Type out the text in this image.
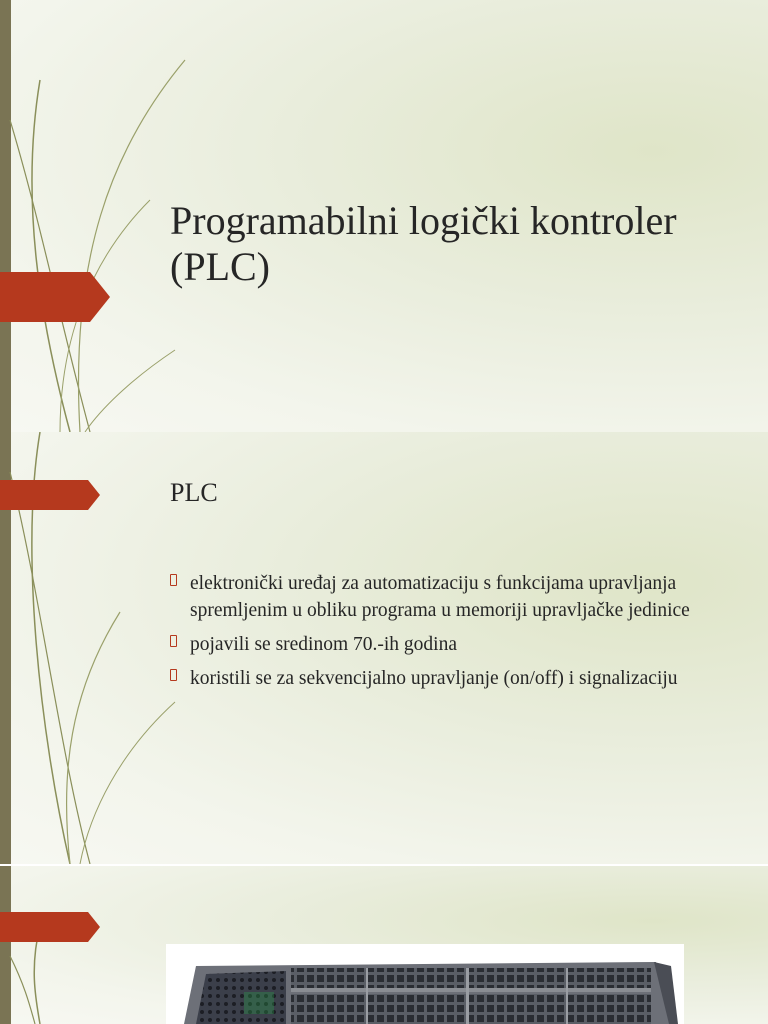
Programabilni logički kontroler (PLC)
PLC
elektronički uređaj za automatizaciju s funkcijama upravljanja spremljenim u obliku programa u memoriji upravljačke jedinice
pojavili se sredinom 70.-ih godina
koristili se za sekvencijalno upravljanje (on/off) i signalizaciju
